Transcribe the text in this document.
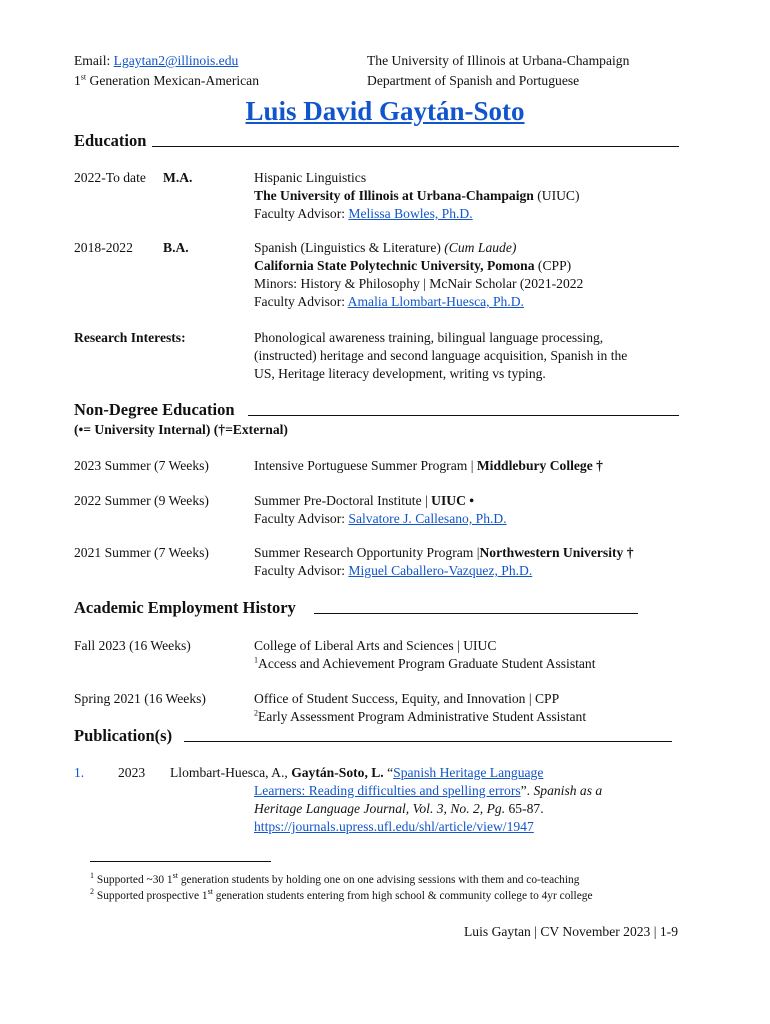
Email: Lgaytan2@illinois.edu
1st Generation Mexican-American
The University of Illinois at Urbana-Champaign
Department of Spanish and Portuguese
Luis David Gaytán-Soto
Education
2022-To date M.A.	Hispanic Linguistics
The University of Illinois at Urbana-Champaign (UIUC)
Faculty Advisor: Melissa Bowles, Ph.D.
2018-2022 B.A.	Spanish (Linguistics & Literature) (Cum Laude)
California State Polytechnic University, Pomona (CPP)
Minors: History & Philosophy | McNair Scholar (2021-2022
Faculty Advisor: Amalia Llombart-Huesca, Ph.D.
Research Interests:	Phonological awareness training, bilingual language processing,
(instructed) heritage and second language acquisition, Spanish in the
US, Heritage literacy development, writing vs typing.
Non-Degree Education
(•= University Internal) (†=External)
2023 Summer (7 Weeks)	Intensive Portuguese Summer Program | Middlebury College †
2022 Summer (9 Weeks)	Summer Pre-Doctoral Institute | UIUC •
Faculty Advisor: Salvatore J. Callesano, Ph.D.
2021 Summer (7 Weeks)	Summer Research Opportunity Program |Northwestern University †
Faculty Advisor: Miguel Caballero-Vazquez, Ph.D.
Academic Employment History
Fall 2023 (16 Weeks)	College of Liberal Arts and Sciences | UIUC
$^1$Access and Achievement Program Graduate Student Assistant
Spring 2021 (16 Weeks)	Office of Student Success, Equity, and Innovation | CPP
$^2$Early Assessment Program Administrative Student Assistant
Publication(s)
1. 2023 Llombart-Huesca, A., Gaytán-Soto, L. “Spanish Heritage Language
Learners: Reading difficulties and spelling errors”. Spanish as a
Heritage Language Journal, Vol. 3, No. 2, Pg. 65-87.
https://journals.upress.ufl.edu/shl/article/view/1947
$^1$ Supported ~30 1st generation students by holding one on one advising sessions with them and co-teaching
$^2$ Supported prospective 1st generation students entering from high school & community college to 4yr college
Luis Gaytan | CV November 2023 | 1-9
